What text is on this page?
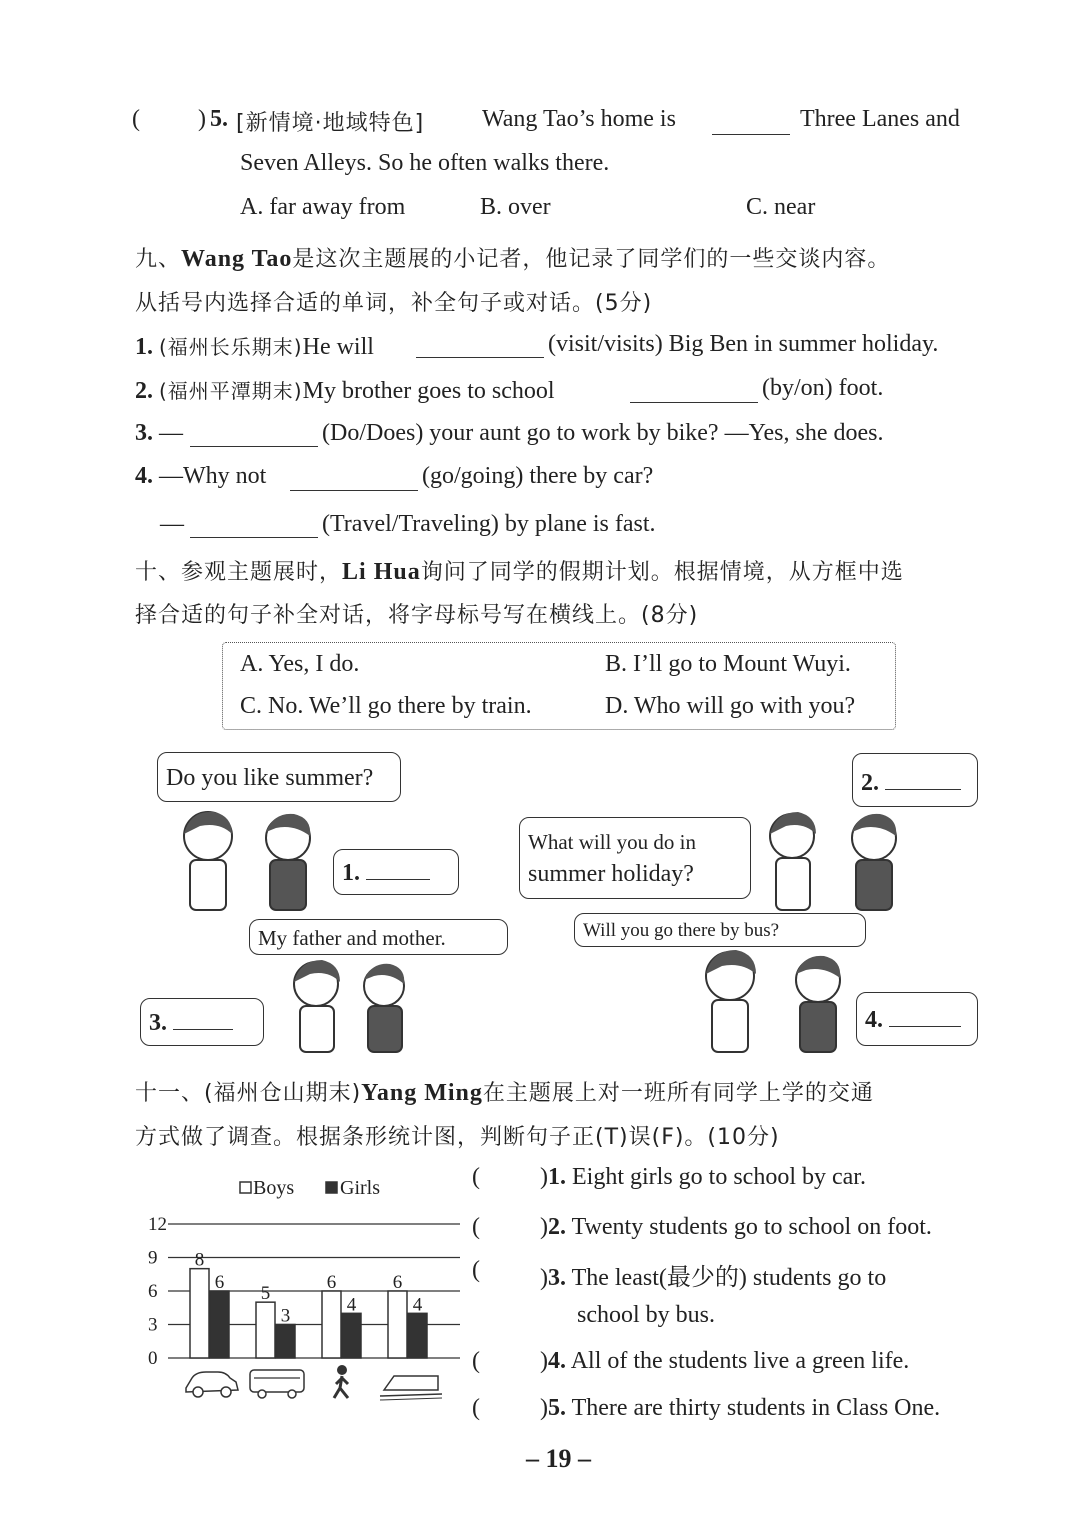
( ) 5. [新情境·地域特色] Wang Tao’s home is	Three Lanes and
Seven Alleys. So he often walks there.
A. far away from	B. over	C. near
九、Wang Tao是这次主题展的小记者，他记录了同学们的一些交谈内容。
从括号内选择合适的单词，补全句子或对话。(5分)
1. (福州长乐期末)He will	(visit/visits) Big Ben in summer holiday.
2. (福州平潭期末)My brother goes to school	(by/on) foot.
3. —	(Do/Does) your aunt go to work by bike? —Yes, she does.
4. —Why not	(go/going) there by car?
—	(Travel/Traveling) by plane is fast.
十、参观主题展时，Li Hua询问了同学的假期计划。根据情境，从方框中选
择合适的句子补全对话，将字母标号写在横线上。(8分)
A. Yes, I do.	B. I’ll go to Mount Wuyi.
C. No. We’ll go there by train.	D. Who will go with you?
Do you like summer?
1.
2.
What will you do in
summer holiday?
My father and mother.	Will you go there by bus?
3.	4.
十一、(福州仓山期末)Yang Ming在主题展上对一班所有同学上学的交通
方式做了调查。根据条形统计图，判断句子正(T)误(F)。(10分)
Boys Girls
0
3
6
9
12
8
6
5
3
6
4
6
4
(	)1. Eight girls go to school by car.
(	)2. Twenty students go to school on foot.
(	)3. The least(最少的) students go to
school by bus.
(	)4. All of the students live a green life.
(	)5. There are thirty students in Class One.
– 19 –
